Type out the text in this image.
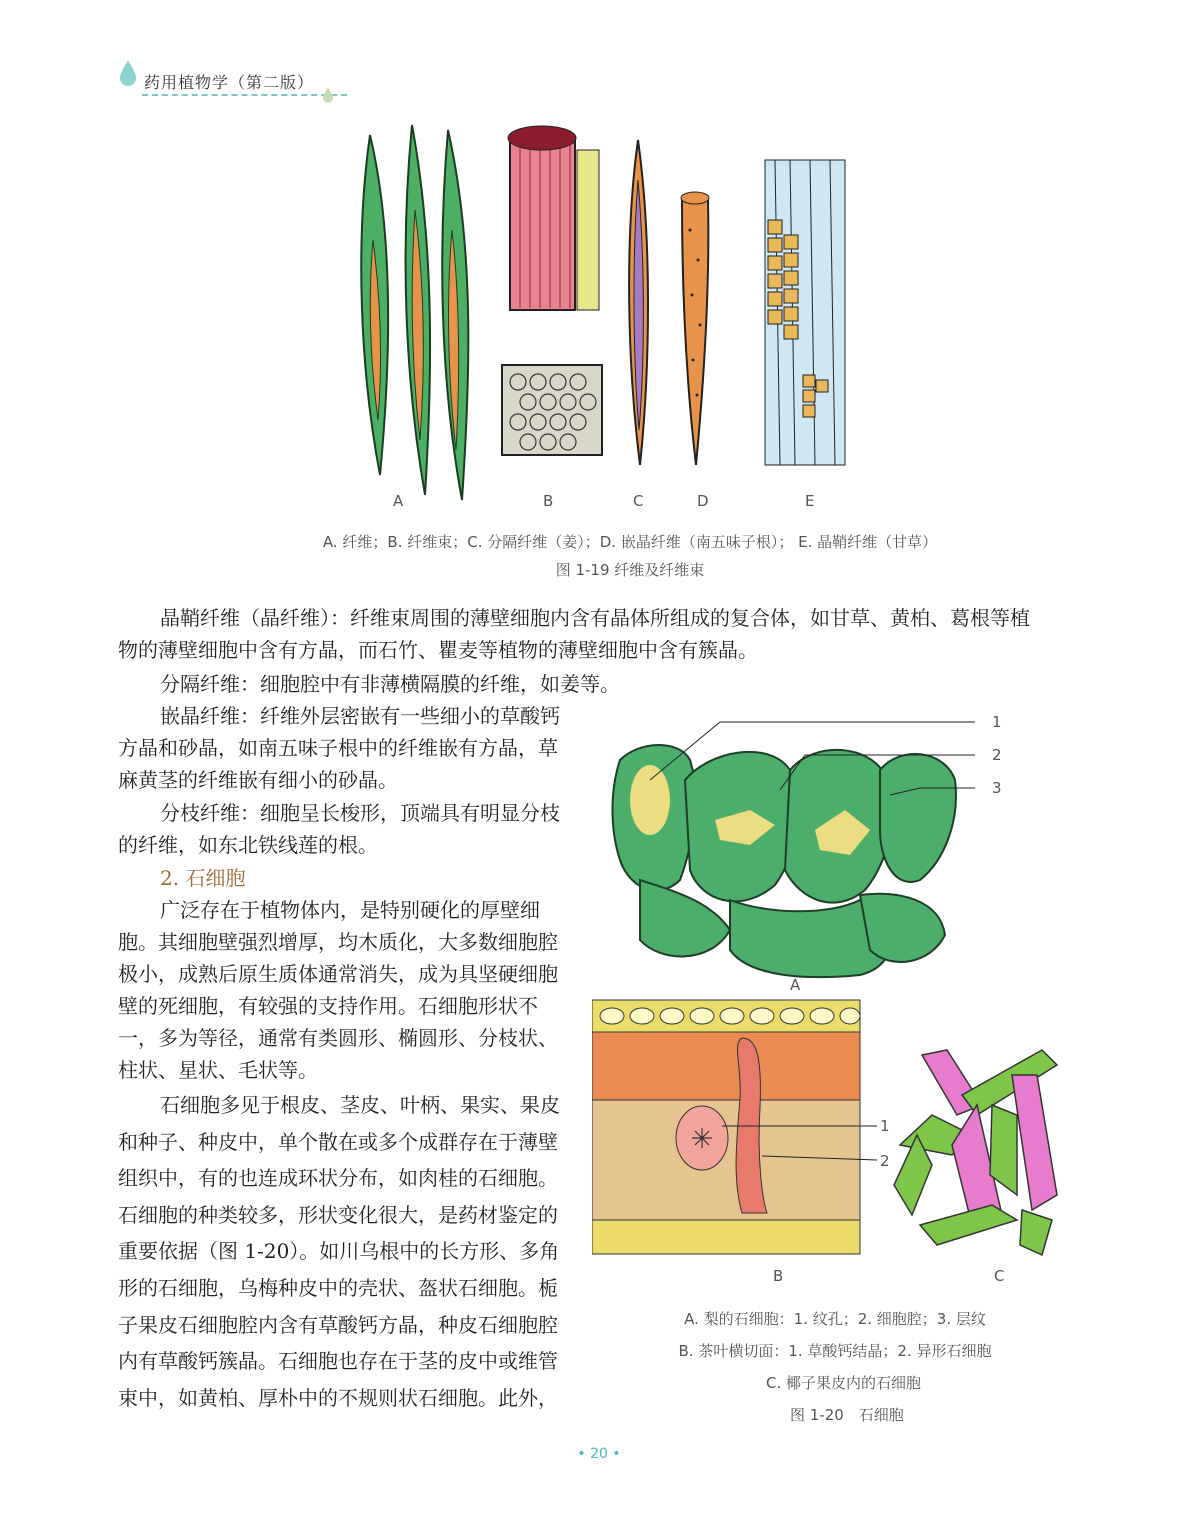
药用植物学（第二版）
A	B	C	D	E
A. 纤维；B. 纤维束；C. 分隔纤维（姜）；D. 嵌晶纤维（南五味子根）； E. 晶鞘纤维（甘草）
图 1-19 纤维及纤维束
晶鞘纤维（晶纤维）：纤维束周围的薄壁细胞内含有晶体所组成的复合体，如甘草、黄柏、葛根等植
物的薄壁细胞中含有方晶，而石竹、瞿麦等植物的薄壁细胞中含有簇晶。
分隔纤维：细胞腔中有非薄横隔膜的纤维，如姜等。
嵌晶纤维：纤维外层密嵌有一些细小的草酸钙
方晶和砂晶，如南五味子根中的纤维嵌有方晶，草
麻黄茎的纤维嵌有细小的砂晶。
分枝纤维：细胞呈长梭形，顶端具有明显分枝
的纤维，如东北铁线莲的根。
2. 石细胞
广泛存在于植物体内，是特别硬化的厚壁细
胞。其细胞壁强烈增厚，均木质化，大多数细胞腔
极小，成熟后原生质体通常消失，成为具坚硬细胞
壁的死细胞，有较强的支持作用。石细胞形状不
一，多为等径，通常有类圆形、椭圆形、分枝状、
柱状、星状、毛状等。
石细胞多见于根皮、茎皮、叶柄、果实、果皮
和种子、种皮中，单个散在或多个成群存在于薄壁
组织中，有的也连成环状分布，如肉桂的石细胞。
石细胞的种类较多，形状变化很大，是药材鉴定的
重要依据（图 1-20）。如川乌根中的长方形、多角
形的石细胞，乌梅种皮中的壳状、盔状石细胞。栀
子果皮石细胞腔内含有草酸钙方晶，种皮石细胞腔
内有草酸钙簇晶。石细胞也存在于茎的皮中或维管
束中，如黄柏、厚朴中的不规则状石细胞。此外，
1
2
3
A
1
2
B	C
A. 梨的石细胞：1. 纹孔；2. 细胞腔；3. 层纹
B. 茶叶横切面：1. 草酸钙结晶；2. 异形石细胞
C. 椰子果皮内的石细胞
图 1-20　石细胞
• 20 •
